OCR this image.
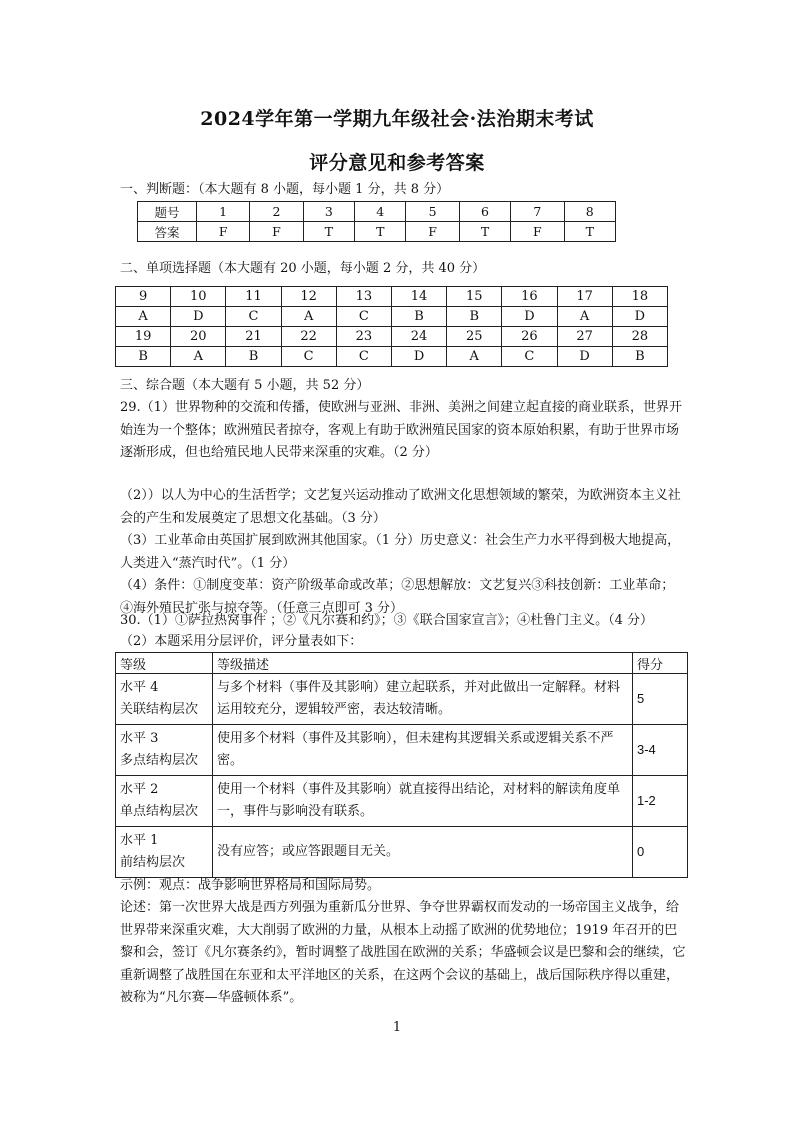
2024学年第一学期九年级社会·法治期末考试
评分意见和参考答案
一、判断题：（本大题有 8 小题，每小题 1 分，共 8 分）
题号	1	2	3	4	5	6	7	8
答案	F	F	T	T	F	T	F	T
二、单项选择题（本大题有 20 小题，每小题 2 分，共 40 分）
9	10	11	12	13	14	15	16	17	18
A	D	C	A	C	B	B	D	A	D
19	20	21	22	23	24	25	26	27	28
B	A	B	C	C	D	A	C	D	B
三、综合题（本大题有 5 小题，共 52 分）
29.（1）世界物种的交流和传播，使欧洲与亚洲、非洲、美洲之间建立起直接的商业联系，世界开始连为一个整体；欧洲殖民者掠夺，客观上有助于欧洲殖民国家的资本原始积累，有助于世界市场逐渐形成，但也给殖民地人民带来深重的灾难。（2 分）
（2））以人为中心的生活哲学；文艺复兴运动推动了欧洲文化思想领域的繁荣，为欧洲资本主义社会的产生和发展奠定了思想文化基础。（3 分）
（3）工业革命由英国扩展到欧洲其他国家。（1 分）历史意义：社会生产力水平得到极大地提高，人类进入“蒸汽时代”。（1 分）
（4）条件：①制度变革：资产阶级革命或改革；②思想解放：文艺复兴③科技创新：工业革命；④海外殖民扩张与掠夺等。（任意三点即可 3 分）
30.（1）①萨拉热窝事件 ；②《凡尔赛和约》；③《联合国家宣言》；④杜鲁门主义。（4 分）
（2）本题采用分层评价，评分量表如下：
等级	等级描述	得分

水平 4
关联结构层次	与多个材料（事件及其影响）建立起联系，并对此做出一定解释。材料运用较充分，逻辑较严密，表达较清晰。	5

水平 3
多点结构层次	使用多个材料（事件及其影响），但未建构其逻辑关系或逻辑关系不严密。	3-4

水平 2
单点结构层次	使用一个材料（事件及其影响）就直接得出结论，对材料的解读角度单一，事件与影响没有联系。	1-2

水平 1
前结构层次	没有应答；或应答跟题目无关。	0
示例：观点：战争影响世界格局和国际局势。
论述：第一次世界大战是西方列强为重新瓜分世界、争夺世界霸权而发动的一场帝国主义战争，给世界带来深重灾难，大大削弱了欧洲的力量，从根本上动摇了欧洲的优势地位；1919 年召开的巴黎和会，签订《凡尔赛条约》，暂时调整了战胜国在欧洲的关系；华盛顿会议是巴黎和会的继续，它重新调整了战胜国在东亚和太平洋地区的关系，在这两个会议的基础上，战后国际秩序得以重建，被称为“凡尔赛—华盛顿体系”。
1
